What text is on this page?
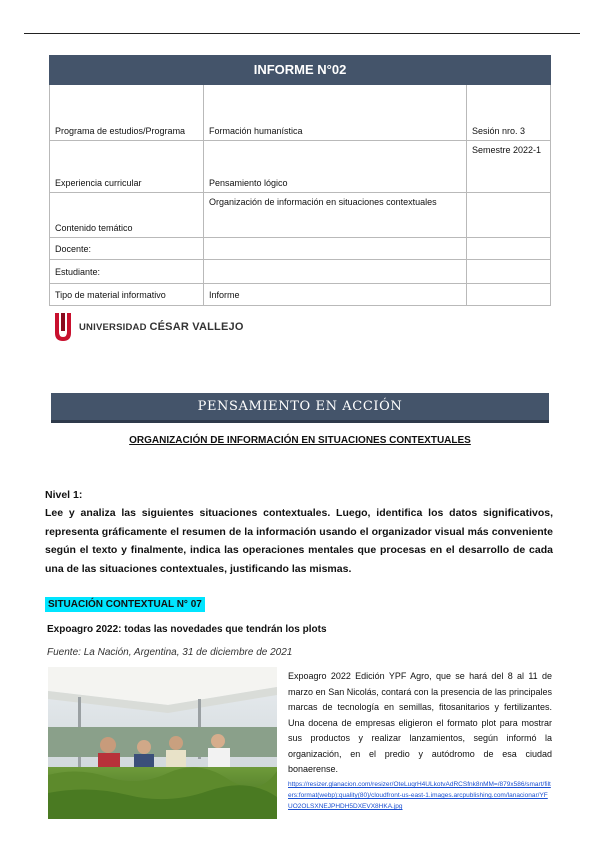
INFORME N°02		
Programa de estudios/Programa	Formación humanística	Sesión nro. 3
Experiencia curricular	Pensamiento lógico	Semestre 2022-1
Contenido temático	Organización de información en situaciones contextuales	
Docente:		
Estudiante:		
Tipo de material informativo	Informe	
UNIVERSIDAD CÉSAR VALLEJO
PENSAMIENTO EN ACCIÓN
ORGANIZACIÓN DE INFORMACIÓN EN SITUACIONES CONTEXTUALES
Nivel 1:
Lee y analiza las siguientes situaciones contextuales. Luego, identifica los datos significativos, representa gráficamente el resumen de la información usando el organizador visual más conveniente según el texto y finalmente, indica las operaciones mentales que procesas en el desarrollo de cada una de las situaciones contextuales, justificando las mismas.
SITUACIÓN CONTEXTUAL N° 07
Expoagro 2022: todas las novedades que tendrán los plots
Fuente: La Nación, Argentina, 31 de diciembre de 2021
Expoagro 2022 Edición YPF Agro, que se hará del 8 al 11 de marzo en San Nicolás, contará con la presencia de las principales marcas de tecnología en semillas, fitosanitarios y fertilizantes. Una docena de empresas eligieron el formato plot para mostrar sus productos y realizar lanzamientos, según informó la organización, en el predio y autódromo de esa ciudad bonaerense.
https://resizer.glanacion.com/resizer/OteLuqrH4ULkotvAdRCSfnk8nMM=/879x586/smart/filters:format(webp):quality(80)/cloudfront-us-east-1.images.arcpublishing.com/lanacionar/YFUO2OLSXNEJPHDH5DXEVX8HKA.jpg
